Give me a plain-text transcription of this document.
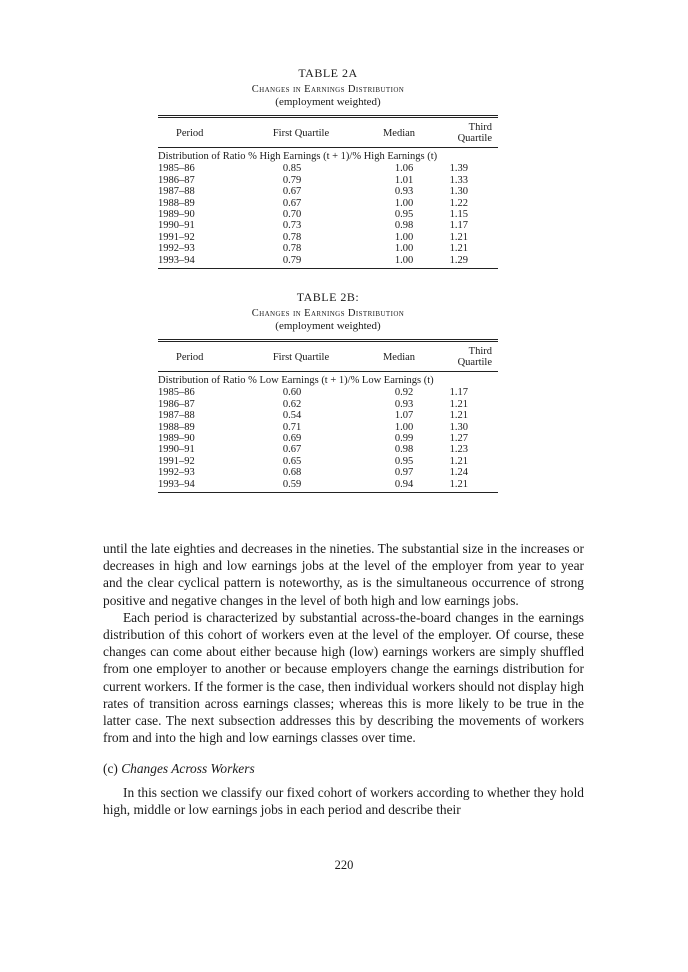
TABLE 2A
Changes in Earnings Distribution
(employment weighted)
Period	First Quartile	Median	Third Quartile
Distribution of Ratio % High Earnings (t + 1)/% High Earnings (t)			
1985–86	0.85	1.06	1.39
1986–87	0.79	1.01	1.33
1987–88	0.67	0.93	1.30
1988–89	0.67	1.00	1.22
1989–90	0.70	0.95	1.15
1990–91	0.73	0.98	1.17
1991–92	0.78	1.00	1.21
1992–93	0.78	1.00	1.21
1993–94	0.79	1.00	1.29
TABLE 2B:
Changes in Earnings Distribution
(employment weighted)
Period	First Quartile	Median	Third Quartile
Distribution of Ratio % Low Earnings (t + 1)/% Low Earnings (t)			
1985–86	0.60	0.92	1.17
1986–87	0.62	0.93	1.21
1987–88	0.54	1.07	1.21
1988–89	0.71	1.00	1.30
1989–90	0.69	0.99	1.27
1990–91	0.67	0.98	1.23
1991–92	0.65	0.95	1.21
1992–93	0.68	0.97	1.24
1993–94	0.59	0.94	1.21

until the late eighties and decreases in the nineties. The substantial size in the increases or decreases in high and low earnings jobs at the level of the employer from year to year and the clear cyclical pattern is noteworthy, as is the simultaneous occurrence of strong positive and negative changes in the level of both high and low earnings jobs.

Each period is characterized by substantial across-the-board changes in the earnings distribution of this cohort of workers even at the level of the employer. Of course, these changes can come about either because high (low) earnings workers are simply shuffled from one employer to another or because employers change the earnings distribution for current workers. If the former is the case, then individual workers should not display high rates of transition across earnings classes; whereas this is more likely to be true in the latter case. The next subsection addresses this by describing the movements of workers from and into the high and low earnings classes over time.

(c) Changes Across Workers

In this section we classify our fixed cohort of workers according to whether they hold high, middle or low earnings jobs in each period and describe their

220
